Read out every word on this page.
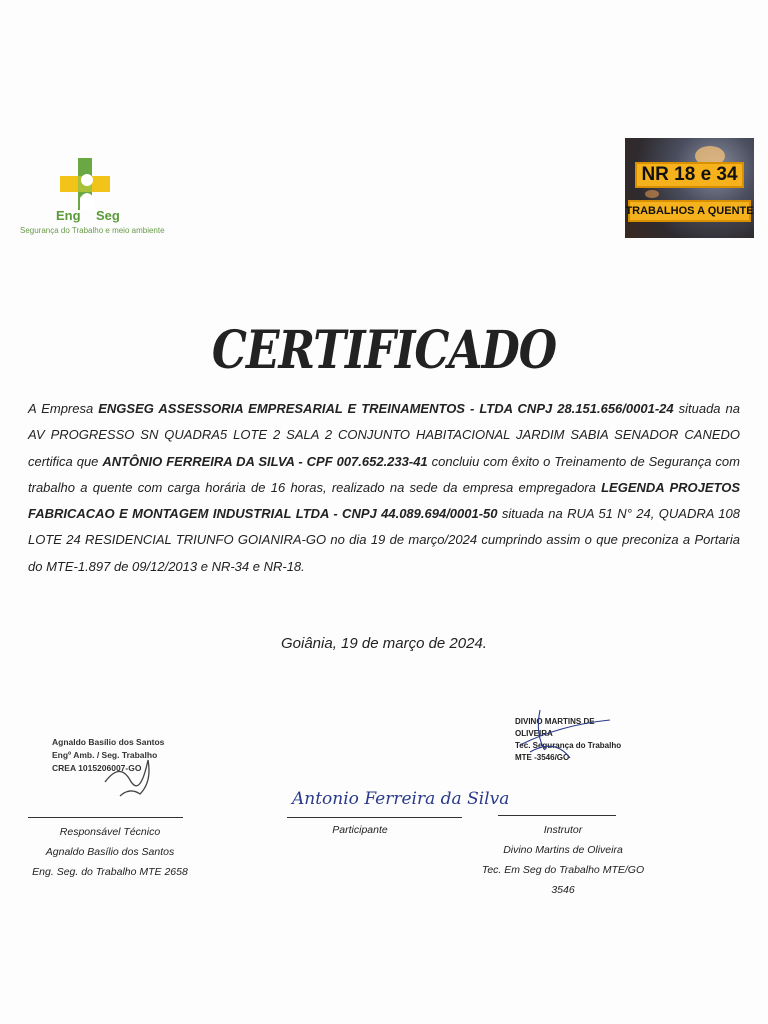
Eng Seg
Segurança do Trabalho e meio ambiente
NR 18 e 34
TRABALHOS A QUENTE
CERTIFICADO
A Empresa ENGSEG ASSESSORIA EMPRESARIAL E TREINAMENTOS - LTDA CNPJ 28.151.656/0001-24 situada na AV PROGRESSO SN QUADRA5 LOTE 2 SALA 2 CONJUNTO HABITACIONAL JARDIM SABIA SENADOR CANEDO certifica que ANTÔNIO FERREIRA DA SILVA - CPF 007.652.233-41 concluiu com êxito o Treinamento de Segurança com trabalho a quente com carga horária de 16 horas, realizado na sede da empresa empregadora LEGENDA PROJETOS FABRICACAO E MONTAGEM INDUSTRIAL LTDA - CNPJ 44.089.694/0001-50 situada na RUA 51 N° 24, QUADRA 108 LOTE 24 RESIDENCIAL TRIUNFO GOIANIRA-GO no dia 19 de março/2024 cumprindo assim o que preconiza a Portaria do MTE-1.897 de 09/12/2013 e NR-34 e NR-18.
Goiânia, 19 de março de 2024.
Agnaldo Basílio dos Santos
Engº Amb. / Seg. Trabalho
CREA 1015206007-GO
Antonio Ferreira da Silva
DIVINO MARTINS DE OLIVEIRA
Tec. Segurança do Trabalho
MTE -3546/GO
Responsável Técnico
Agnaldo Basílio dos Santos
Eng. Seg. do Trabalho MTE 2658
Participante	Instrutor
Divino Martins de Oliveira
Tec. Em Seg do Trabalho MTE/GO 3546
